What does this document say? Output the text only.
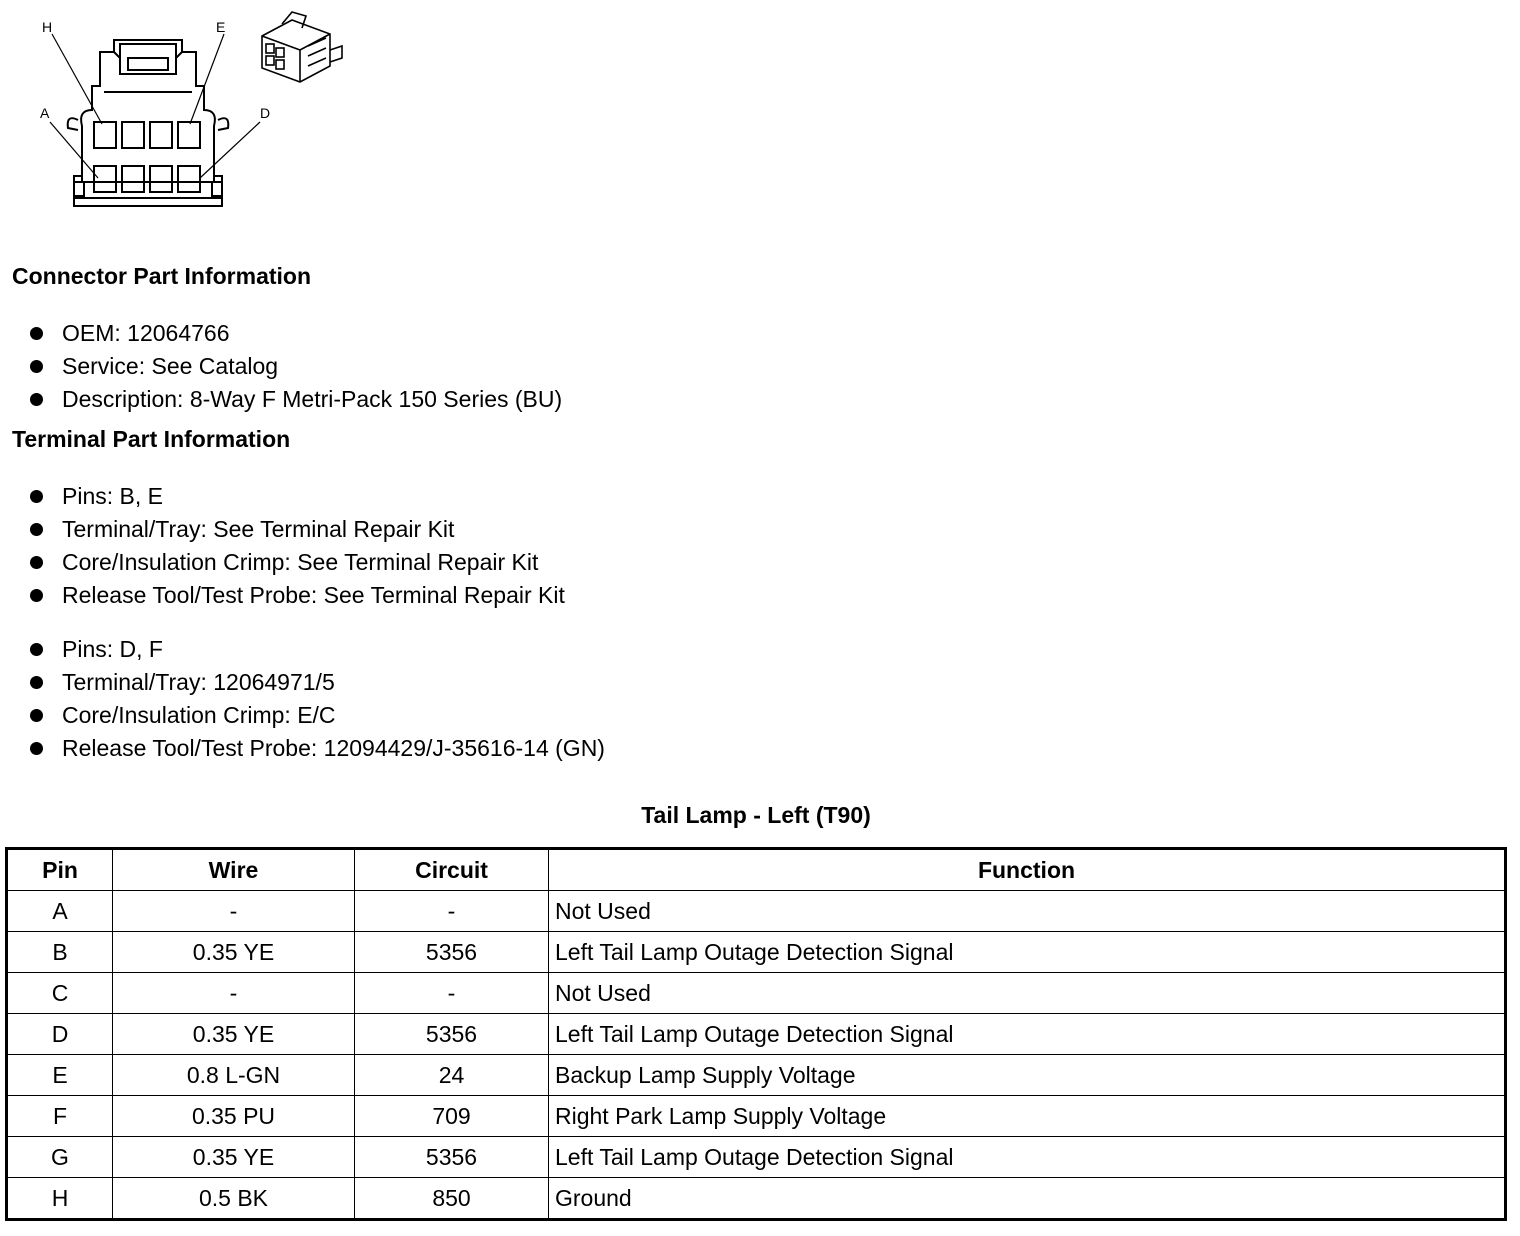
H	E
A	D
Connector Part Information
OEM: 12064766
Service: See Catalog
Description: 8-Way F Metri-Pack 150 Series (BU)
Terminal Part Information
Pins: B, E
Terminal/Tray: See Terminal Repair Kit
Core/Insulation Crimp: See Terminal Repair Kit
Release Tool/Test Probe: See Terminal Repair Kit
Pins: D, F
Terminal/Tray: 12064971/5
Core/Insulation Crimp: E/C
Release Tool/Test Probe: 12094429/J-35616-14 (GN)
Tail Lamp - Left (T90)
Pin	Wire	Circuit	Function
A	-	-	Not Used
B	0.35 YE	5356	Left Tail Lamp Outage Detection Signal
C	-	-	Not Used
D	0.35 YE	5356	Left Tail Lamp Outage Detection Signal
E	0.8 L-GN	24	Backup Lamp Supply Voltage
F	0.35 PU	709	Right Park Lamp Supply Voltage
G	0.35 YE	5356	Left Tail Lamp Outage Detection Signal
H	0.5 BK	850	Ground
